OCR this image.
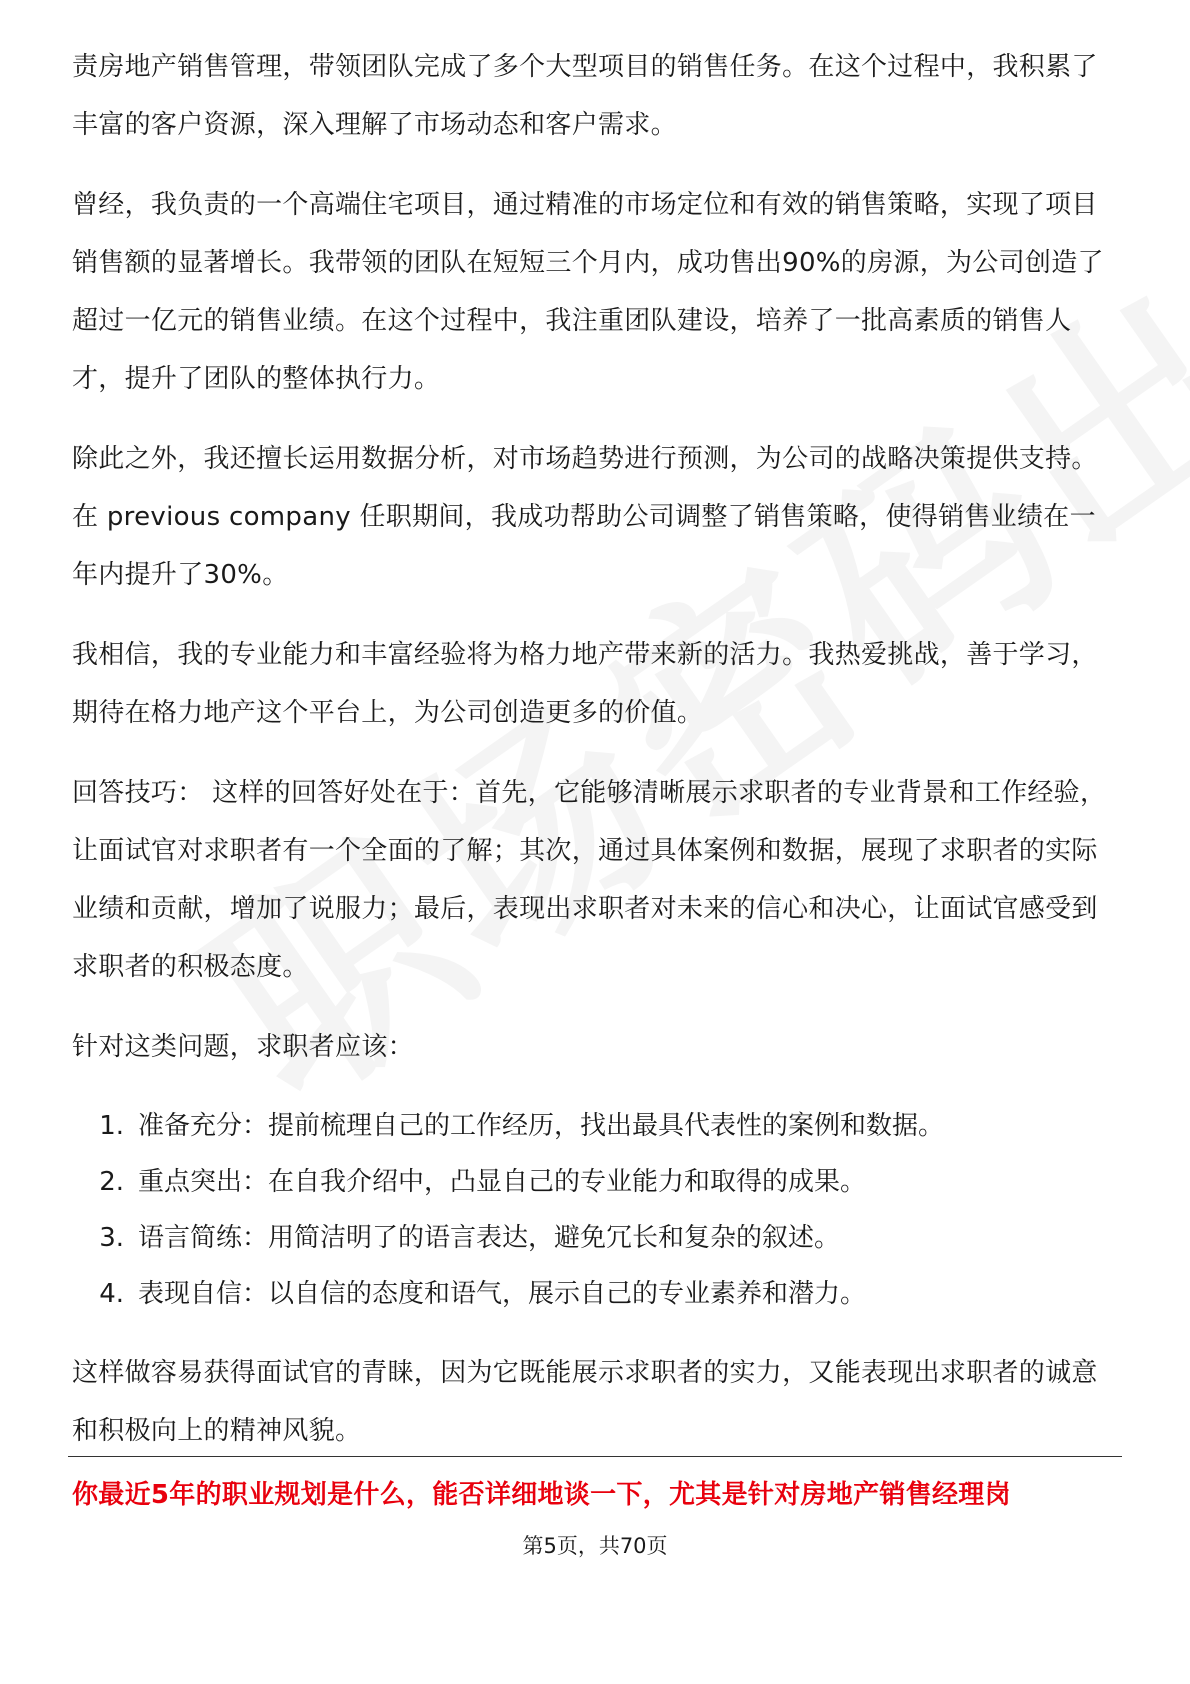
责房地产销售管理，带领团队完成了多个大型项目的销售任务。在这个过程中，我积累了丰富的客户资源，深入理解了市场动态和客户需求。

曾经，我负责的一个高端住宅项目，通过精准的市场定位和有效的销售策略，实现了项目销售额的显著增长。我带领的团队在短短三个月内，成功售出90%的房源，为公司创造了超过一亿元的销售业绩。在这个过程中，我注重团队建设，培养了一批高素质的销售人才，提升了团队的整体执行力。

除此之外，我还擅长运用数据分析，对市场趋势进行预测，为公司的战略决策提供支持。在 previous company 任职期间，我成功帮助公司调整了销售策略，使得销售业绩在一年内提升了30%。

我相信，我的专业能力和丰富经验将为格力地产带来新的活力。我热爱挑战，善于学习，期待在格力地产这个平台上，为公司创造更多的价值。

回答技巧： 这样的回答好处在于：首先，它能够清晰展示求职者的专业背景和工作经验，让面试官对求职者有一个全面的了解；其次，通过具体案例和数据，展现了求职者的实际业绩和贡献，增加了说服力；最后，表现出求职者对未来的信心和决心，让面试官感受到求职者的积极态度。

针对这类问题，求职者应该：

1. 准备充分：提前梳理自己的工作经历，找出最具代表性的案例和数据。
2. 重点突出：在自我介绍中，凸显自己的专业能力和取得的成果。
3. 语言简练：用简洁明了的语言表达，避免冗长和复杂的叙述。
4. 表现自信：以自信的态度和语气，展示自己的专业素养和潜力。

这样做容易获得面试官的青睐，因为它既能展示求职者的实力，又能表现出求职者的诚意和积极向上的精神风貌。

你最近5年的职业规划是什么，能否详细地谈一下，尤其是针对房地产销售经理岗
第5页，共70页
